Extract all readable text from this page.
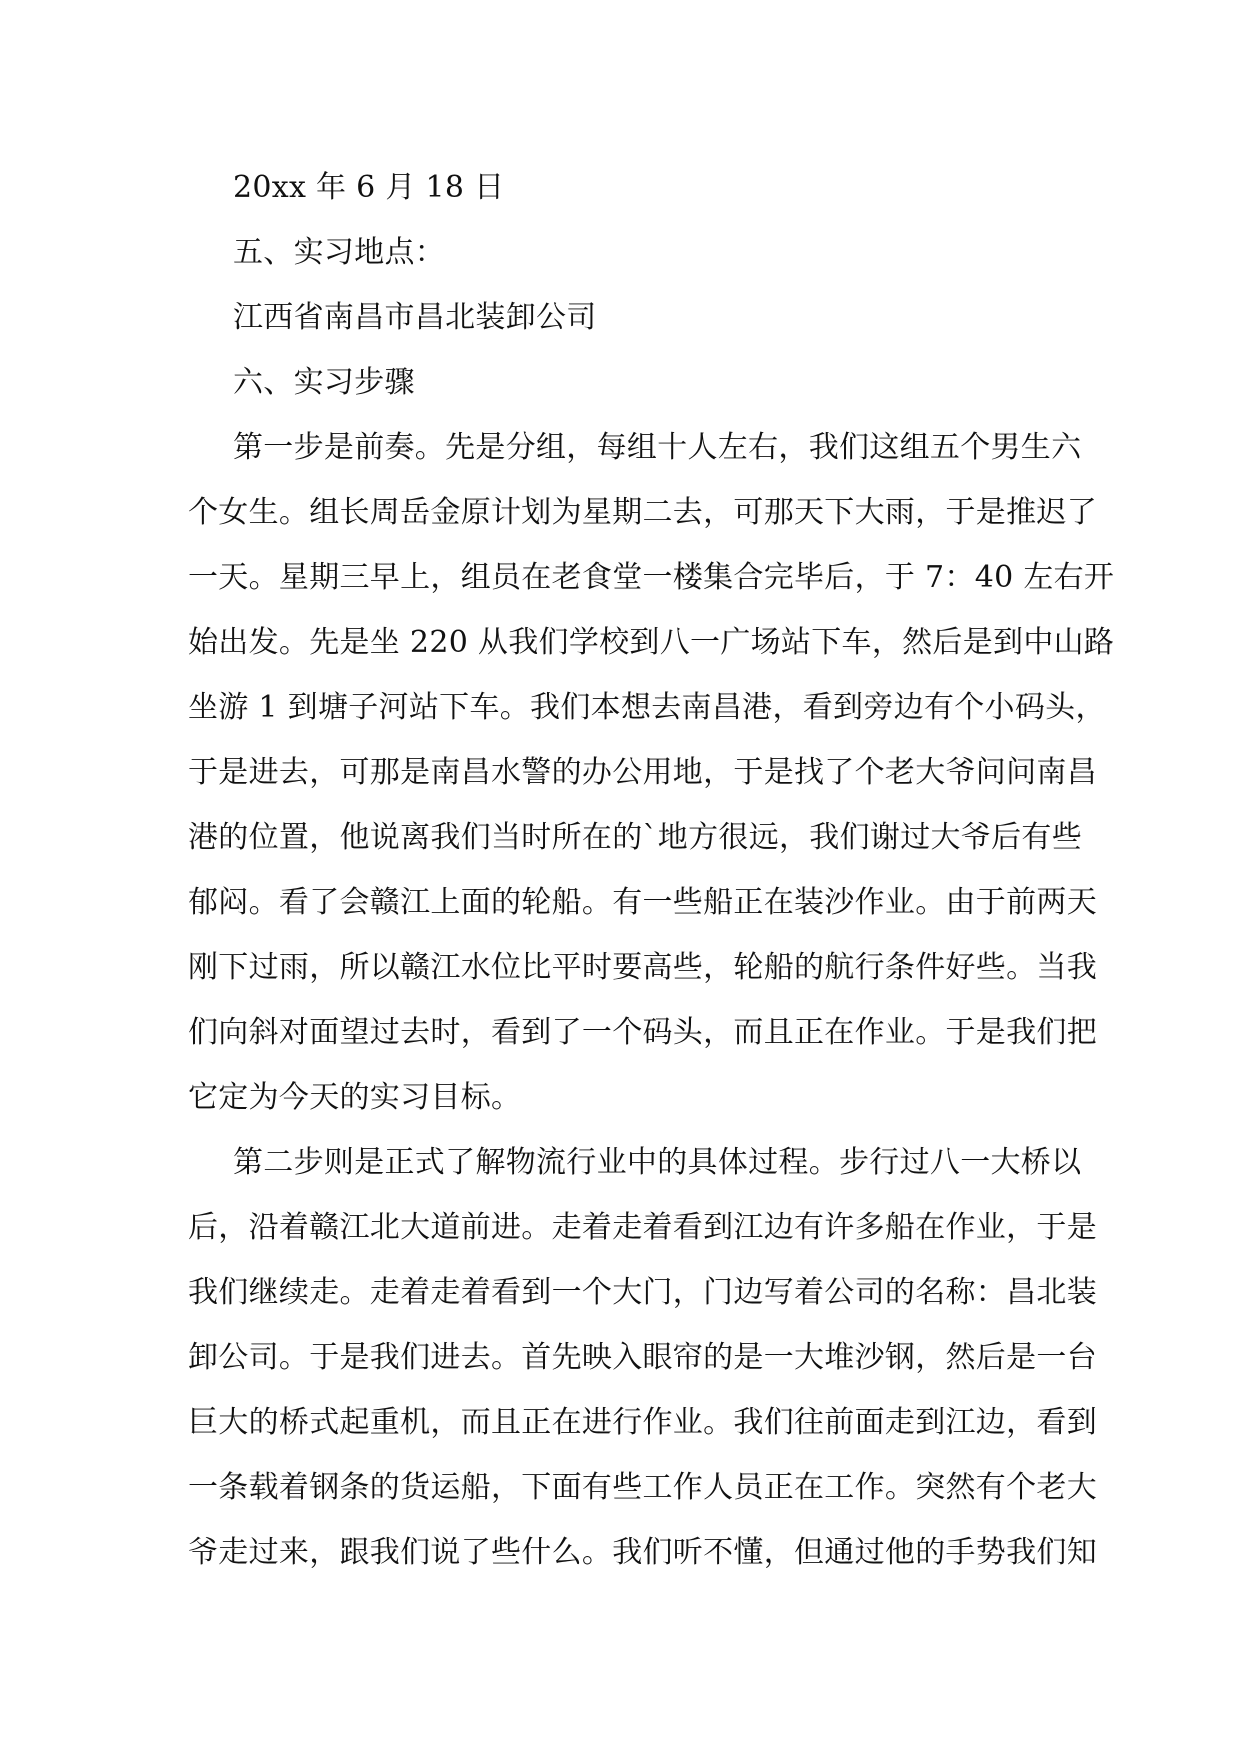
20xx 年 6 月 18 日

五、实习地点：

江西省南昌市昌北装卸公司

六、实习步骤

第一步是前奏。先是分组，每组十人左右，我们这组五个男生六

个女生。组长周岳金原计划为星期二去，可那天下大雨，于是推迟了

一天。星期三早上，组员在老食堂一楼集合完毕后，于 7：40 左右开

始出发。先是坐 220 从我们学校到八一广场站下车，然后是到中山路

坐游 1 到塘子河站下车。我们本想去南昌港，看到旁边有个小码头，

于是进去，可那是南昌水警的办公用地，于是找了个老大爷问问南昌

港的位置，他说离我们当时所在的`地方很远，我们谢过大爷后有些

郁闷。看了会赣江上面的轮船。有一些船正在装沙作业。由于前两天

刚下过雨，所以赣江水位比平时要高些，轮船的航行条件好些。当我

们向斜对面望过去时，看到了一个码头，而且正在作业。于是我们把

它定为今天的实习目标。

第二步则是正式了解物流行业中的具体过程。步行过八一大桥以

后，沿着赣江北大道前进。走着走着看到江边有许多船在作业，于是

我们继续走。走着走着看到一个大门，门边写着公司的名称：昌北装

卸公司。于是我们进去。首先映入眼帘的是一大堆沙钢，然后是一台

巨大的桥式起重机，而且正在进行作业。我们往前面走到江边，看到

一条载着钢条的货运船，下面有些工作人员正在工作。突然有个老大

爷走过来，跟我们说了些什么。我们听不懂，但通过他的手势我们知
